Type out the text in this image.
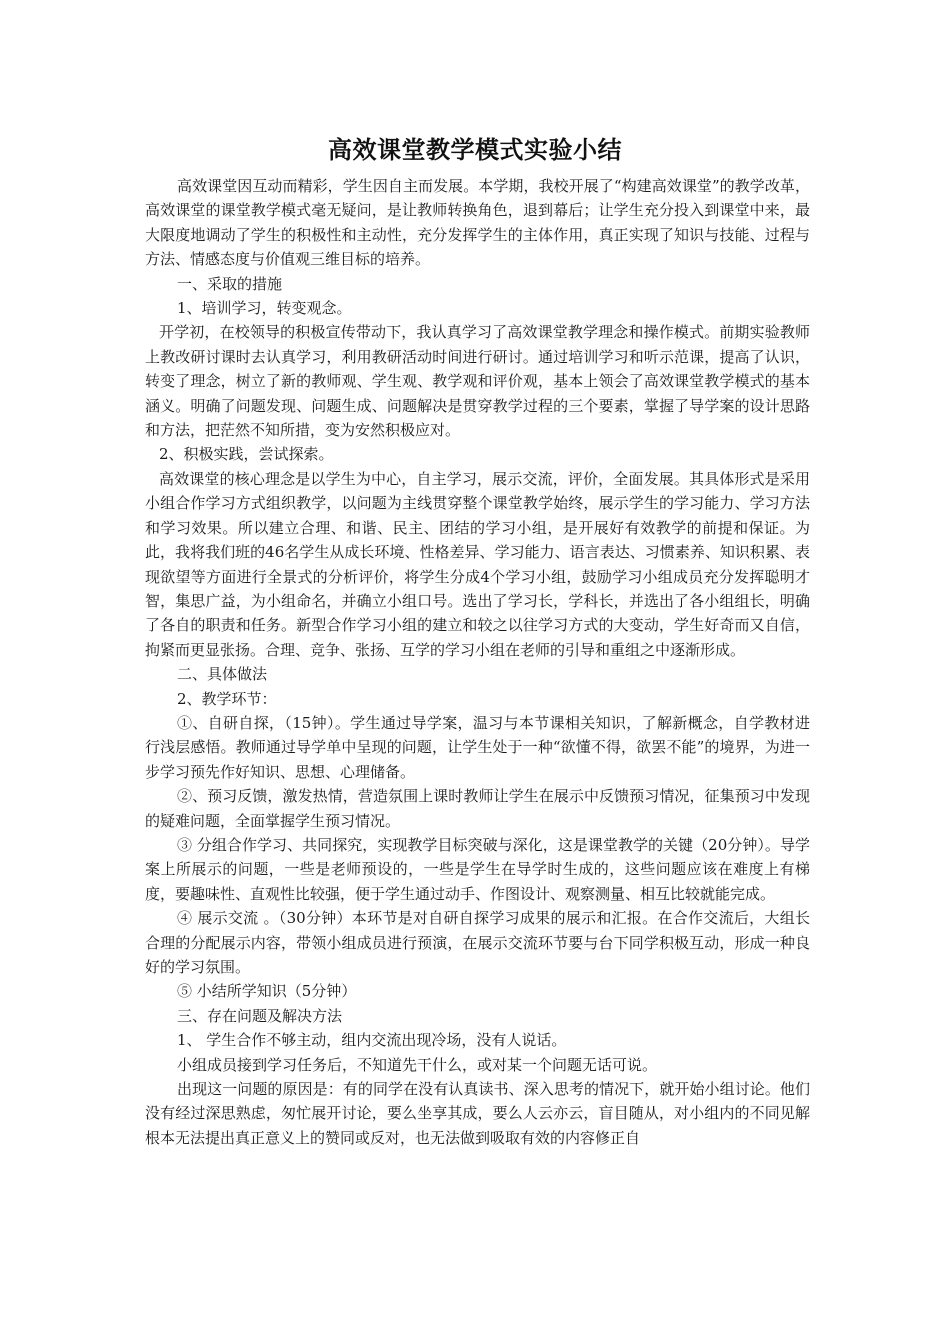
高效课堂教学模式实验小结

高效课堂因互动而精彩，学生因自主而发展。本学期，我校开展了“构建高效课堂”的教学改革，高效课堂的课堂教学模式毫无疑问，是让教师转换角色，退到幕后；让学生充分投入到课堂中来，最大限度地调动了学生的积极性和主动性，充分发挥学生的主体作用，真正实现了知识与技能、过程与方法、情感态度与价值观三维目标的培养。

一、采取的措施

1、培训学习，转变观念。

开学初，在校领导的积极宣传带动下，我认真学习了高效课堂教学理念和操作模式。前期实验教师上教改研讨课时去认真学习，利用教研活动时间进行研讨。通过培训学习和听示范课，提高了认识，转变了理念，树立了新的教师观、学生观、教学观和评价观，基本上领会了高效课堂教学模式的基本涵义。明确了问题发现、问题生成、问题解决是贯穿教学过程的三个要素，掌握了导学案的设计思路和方法，把茫然不知所措，变为安然积极应对。

2、积极实践，尝试探索。

高效课堂的核心理念是以学生为中心，自主学习，展示交流，评价，全面发展。其具体形式是采用小组合作学习方式组织教学，以问题为主线贯穿整个课堂教学始终，展示学生的学习能力、学习方法和学习效果。所以建立合理、和谐、民主、团结的学习小组，是开展好有效教学的前提和保证。为此，我将我们班的46名学生从成长环境、性格差异、学习能力、语言表达、习惯素养、知识积累、表现欲望等方面进行全景式的分析评价，将学生分成4个学习小组，鼓励学习小组成员充分发挥聪明才智，集思广益，为小组命名，并确立小组口号。选出了学习长，学科长，并选出了各小组组长，明确了各自的职责和任务。新型合作学习小组的建立和较之以往学习方式的大变动，学生好奇而又自信，拘紧而更显张扬。合理、竞争、张扬、互学的学习小组在老师的引导和重组之中逐渐形成。

二、具体做法

2、教学环节：

①、自研自探，（15钟）。学生通过导学案，温习与本节课相关知识，了解新概念，自学教材进行浅层感悟。教师通过导学单中呈现的问题，让学生处于一种“欲懂不得，欲罢不能”的境界，为进一步学习预先作好知识、思想、心理储备。

②、预习反馈，激发热情，营造氛围上课时教师让学生在展示中反馈预习情况，征集预习中发现的疑难问题，全面掌握学生预习情况。

③ 分组合作学习、共同探究，实现教学目标突破与深化，这是课堂教学的关键（20分钟）。导学案上所展示的问题，一些是老师预设的，一些是学生在导学时生成的，这些问题应该在难度上有梯度，要趣味性、直观性比较强，便于学生通过动手、作图设计、观察测量、相互比较就能完成。

④ 展示交流 。（30分钟）本环节是对自研自探学习成果的展示和汇报。在合作交流后，大组长合理的分配展示内容，带领小组成员进行预演，在展示交流环节要与台下同学积极互动，形成一种良好的学习氛围。

⑤ 小结所学知识（5分钟）

三、存在问题及解决方法

1、 学生合作不够主动，组内交流出现冷场，没有人说话。

小组成员接到学习任务后，不知道先干什么，或对某一个问题无话可说。

出现这一问题的原因是：有的同学在没有认真读书、深入思考的情况下，就开始小组讨论。他们没有经过深思熟虑，匆忙展开讨论，要么坐享其成，要么人云亦云，盲目随从，对小组内的不同见解根本无法提出真正意义上的赞同或反对，也无法做到吸取有效的内容修正自
